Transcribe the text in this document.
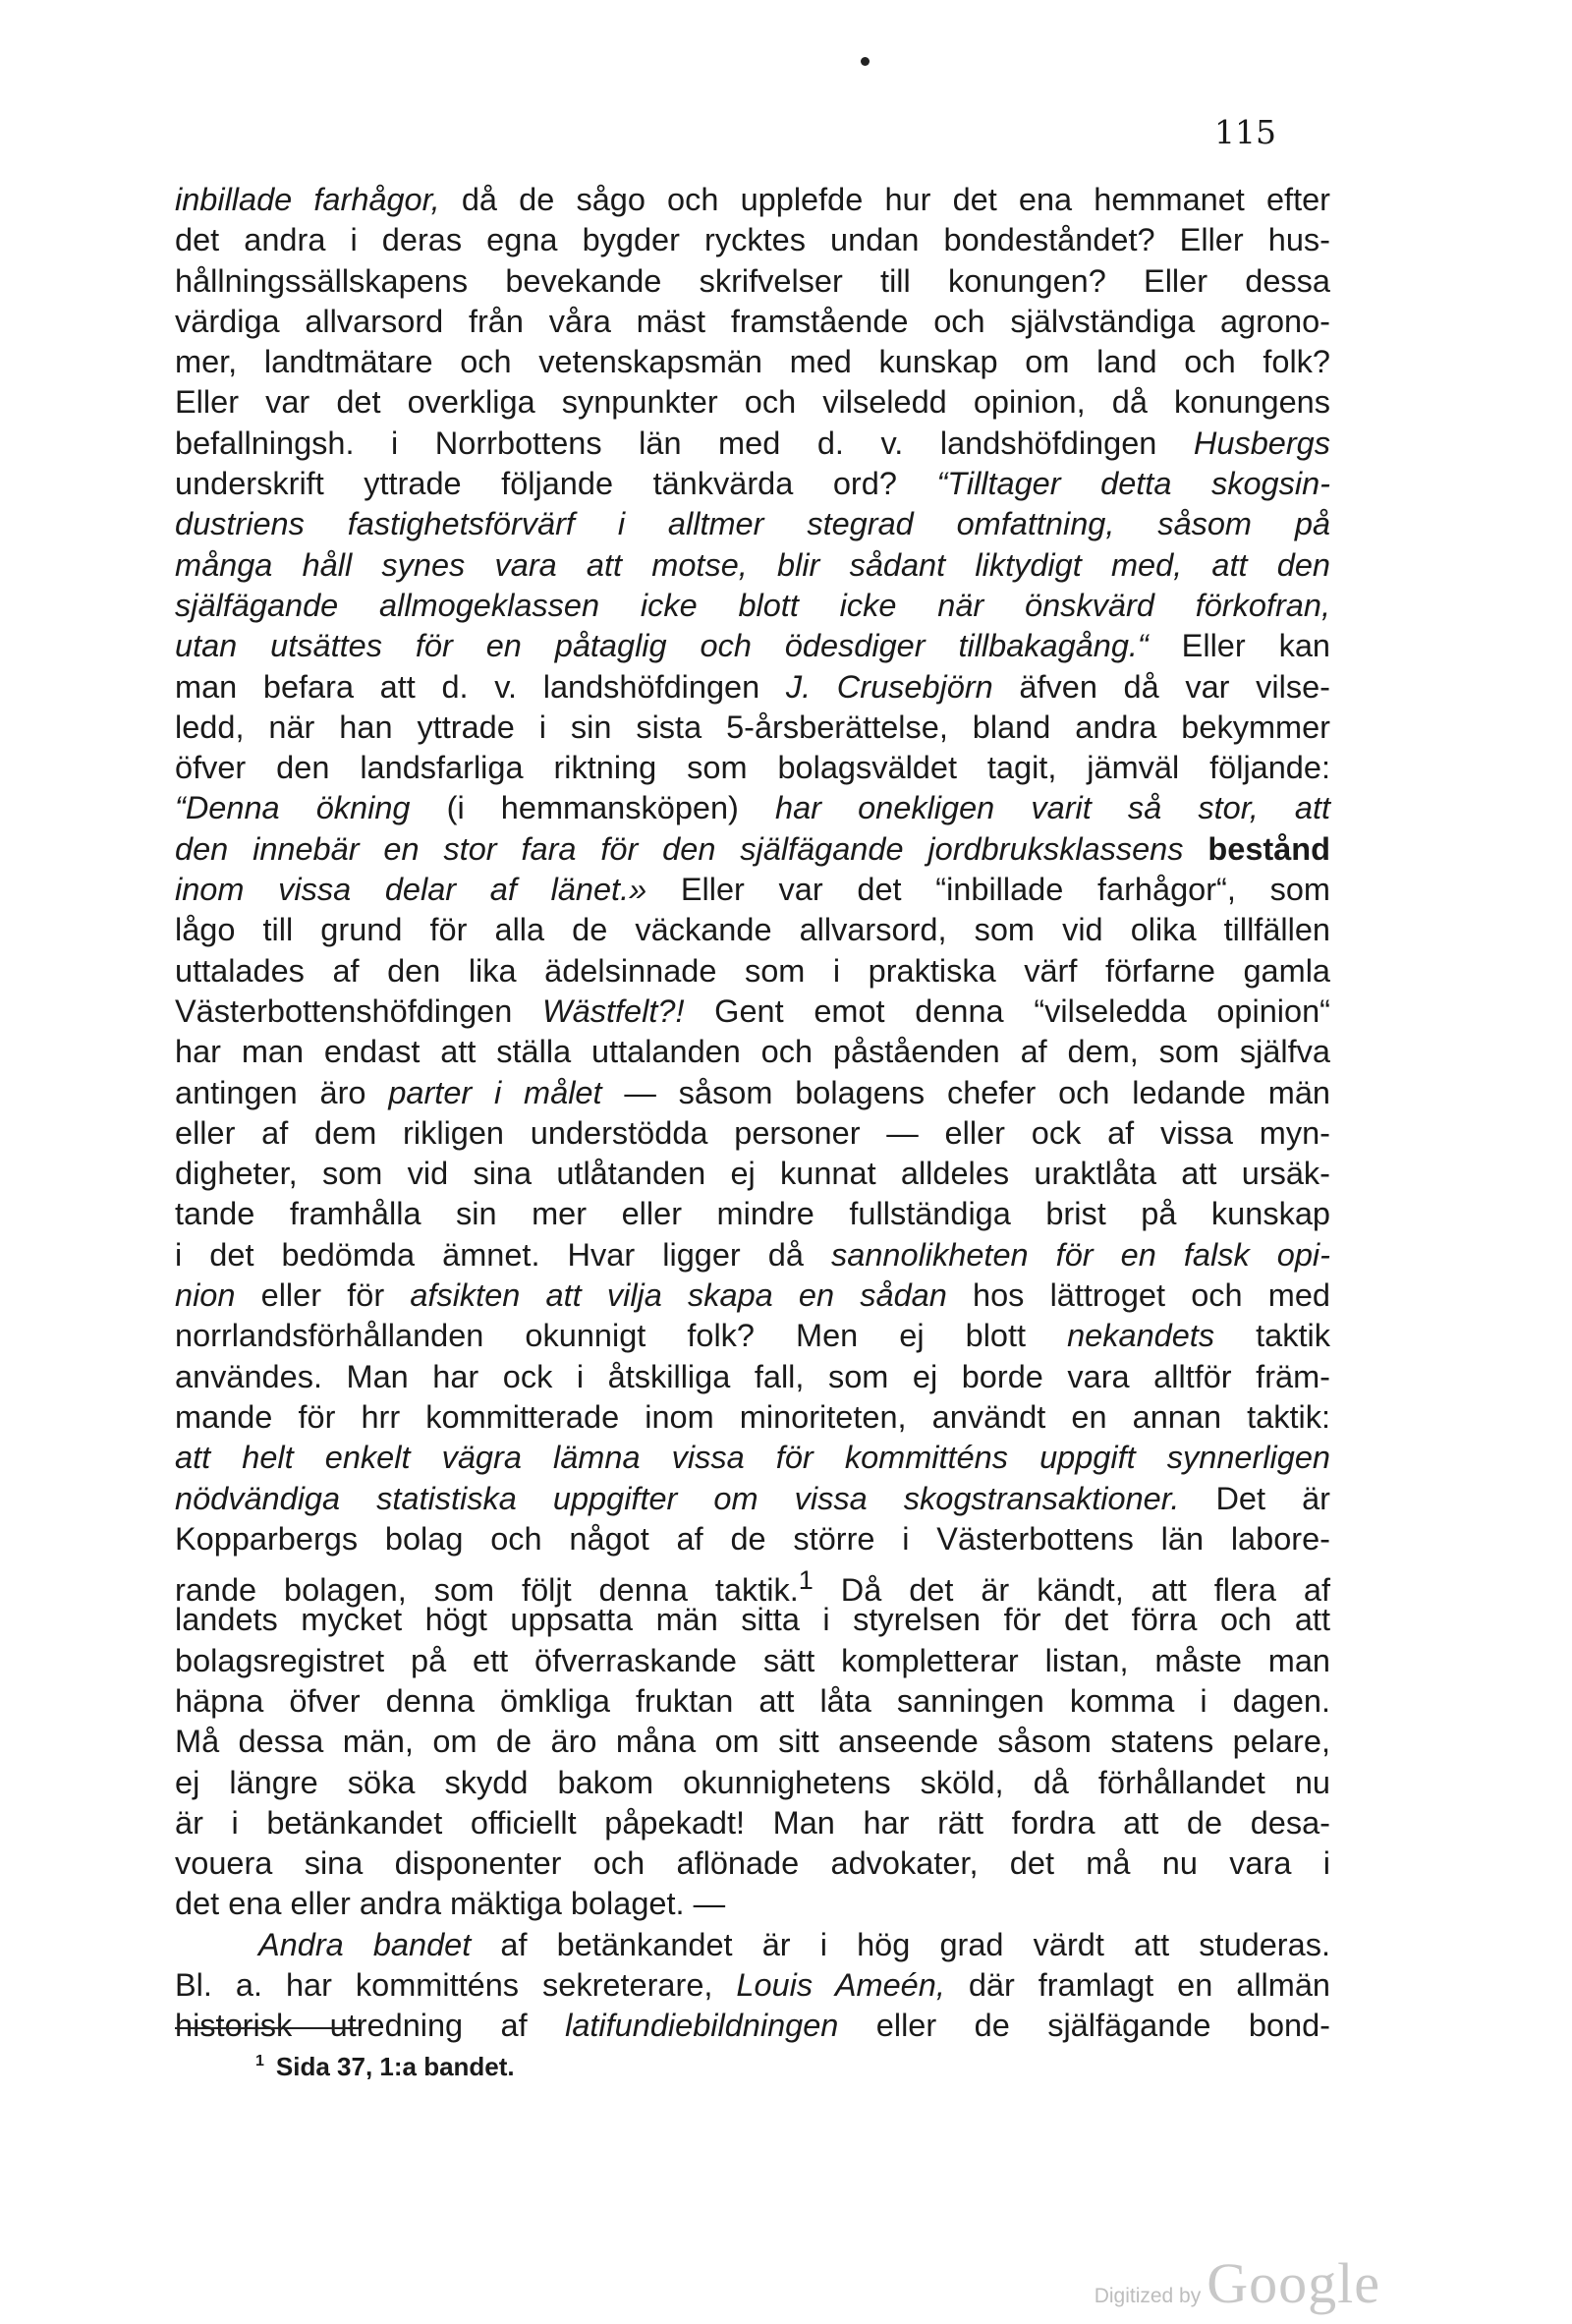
115
inbillade farhågor, då de sågo och upplefde hur det ena hemmanet efter
det andra i deras egna bygder rycktes undan bondeståndet? Eller hus-
hållningssällskapens bevekande skrifvelser till konungen? Eller dessa
värdiga allvarsord från våra mäst framstående och självständiga agrono-
mer, landtmätare och vetenskapsmän med kunskap om land och folk?
Eller var det overkliga synpunkter och vilseledd opinion, då konungens
befallningsh. i Norrbottens län med d. v. landshöfdingen Husbergs
underskrift yttrade följande tänkvärda ord? “Tilltager detta skogsin-
dustriens fastighetsförvärf i alltmer stegrad omfattning, såsom på
många håll synes vara att motse, blir sådant liktydigt med, att den
själfägande allmogeklassen icke blott icke när önskvärd förkofran,
utan utsättes för en påtaglig och ödesdiger tillbakagång.“ Eller kan
man befara att d. v. landshöfdingen J. Crusebjörn äfven då var vilse-
ledd, när han yttrade i sin sista 5-årsberättelse, bland andra bekymmer
öfver den landsfarliga riktning som bolagsväldet tagit, jämväl följande:
“Denna ökning (i hemmansköpen) har onekligen varit så stor, att
den innebär en stor fara för den själfägande jordbruksklassens bestånd
inom vissa delar af länet.» Eller var det “inbillade farhågor“, som
lågo till grund för alla de väckande allvarsord, som vid olika tillfällen
uttalades af den lika ädelsinnade som i praktiska värf förfarne gamla
Västerbottenshöfdingen Wästfelt?! Gent emot denna “vilseledda opinion“
har man endast att ställa uttalanden och påståenden af dem, som själfva
antingen äro parter i målet — såsom bolagens chefer och ledande män
eller af dem rikligen understödda personer — eller ock af vissa myn-
digheter, som vid sina utlåtanden ej kunnat alldeles uraktlåta att ursäk-
tande framhålla sin mer eller mindre fullständiga brist på kunskap
i det bedömda ämnet. Hvar ligger då sannolikheten för en falsk opi-
nion eller för afsikten att vilja skapa en sådan hos lättroget och med
norrlandsförhållanden okunnigt folk? Men ej blott nekandets taktik
användes. Man har ock i åtskilliga fall, som ej borde vara alltför främ-
mande för hrr kommitterade inom minoriteten, användt en annan taktik:
att helt enkelt vägra lämna vissa för kommitténs uppgift synnerligen
nödvändiga statistiska uppgifter om vissa skogstransaktioner. Det är
Kopparbergs bolag och något af de större i Västerbottens län labore-
rande bolagen, som följt denna taktik.$^1$ Då det är kändt, att flera af
landets mycket högt uppsatta män sitta i styrelsen för det förra och att
bolagsregistret på ett öfverraskande sätt kompletterar listan, måste man
häpna öfver denna ömkliga fruktan att låta sanningen komma i dagen.
Må dessa män, om de äro måna om sitt anseende såsom statens pelare,
ej längre söka skydd bakom okunnighetens sköld, då förhållandet nu
är i betänkandet officiellt påpekadt! Man har rätt fordra att de desa-
vouera sina disponenter och aflönade advokater, det må nu vara i
det ena eller andra mäktiga bolaget. —
Andra bandet af betänkandet är i hög grad värdt att studeras.
Bl. a. har kommitténs sekreterare, Louis Ameén, där framlagt en allmän
historisk utredning af latifundiebildningen eller de själfägande bond-
$^1$ Sida 37, 1:a bandet.
Digitized by Google
